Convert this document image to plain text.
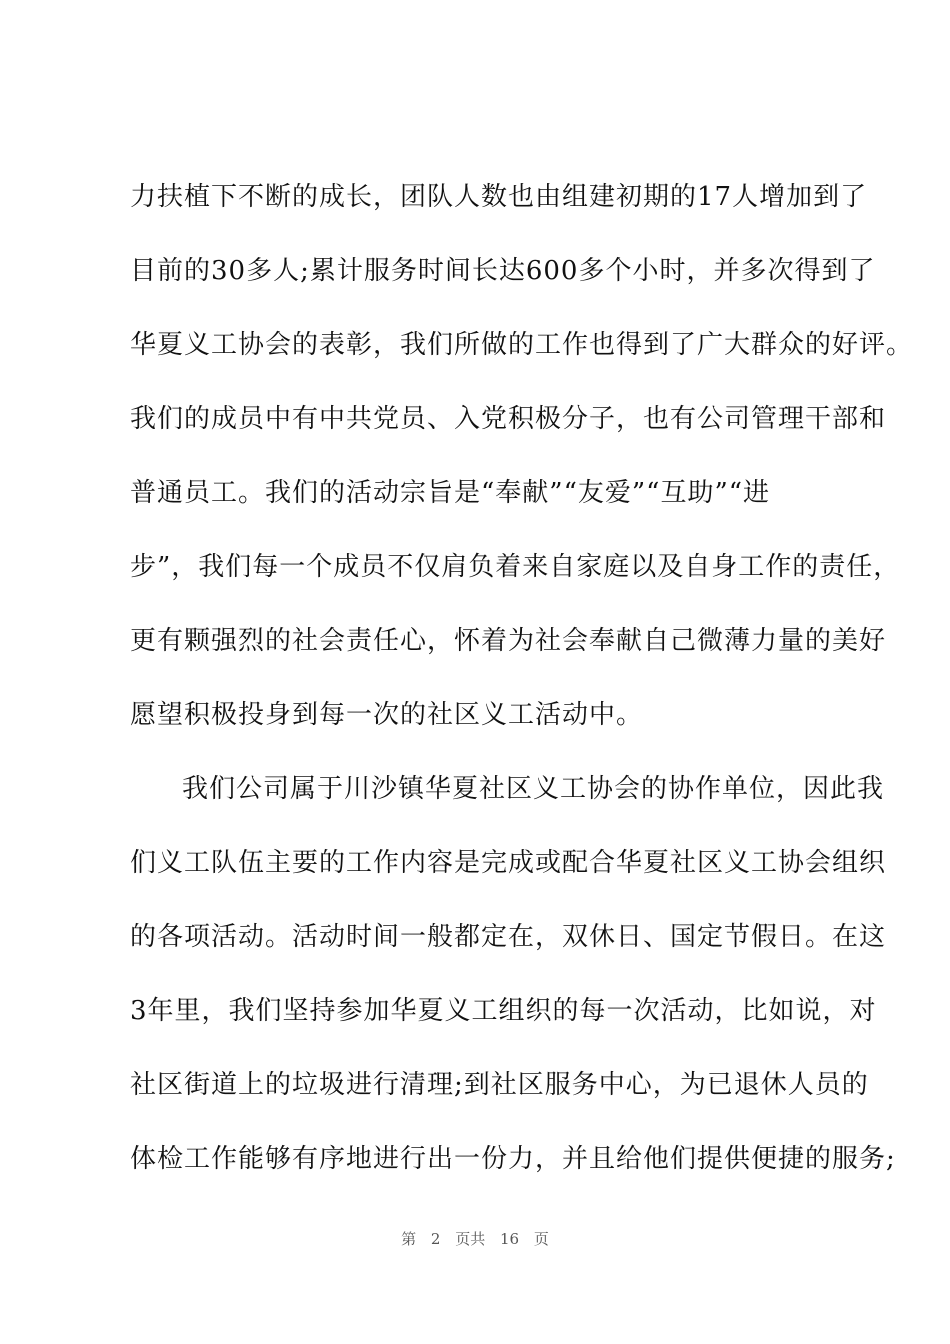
力扶植下不断的成长，团队人数也由组建初期的17人增加到了
目前的30多人;累计服务时间长达600多个小时，并多次得到了
华夏义工协会的表彰，我们所做的工作也得到了广大群众的好评。
我们的成员中有中共党员、入党积极分子，也有公司管理干部和
普通员工。我们的活动宗旨是“奉献”“友爱”“互助”“进
步”，我们每一个成员不仅肩负着来自家庭以及自身工作的责任，
更有颗强烈的社会责任心，怀着为社会奉献自己微薄力量的美好
愿望积极投身到每一次的社区义工活动中。
我们公司属于川沙镇华夏社区义工协会的协作单位，因此我
们义工队伍主要的工作内容是完成或配合华夏社区义工协会组织
的各项活动。活动时间一般都定在，双休日、国定节假日。在这
3年里，我们坚持参加华夏义工组织的每一次活动，比如说，对
社区街道上的垃圾进行清理;到社区服务中心，为已退休人员的
体检工作能够有序地进行出一份力，并且给他们提供便捷的服务;
第 2 页共 16 页
